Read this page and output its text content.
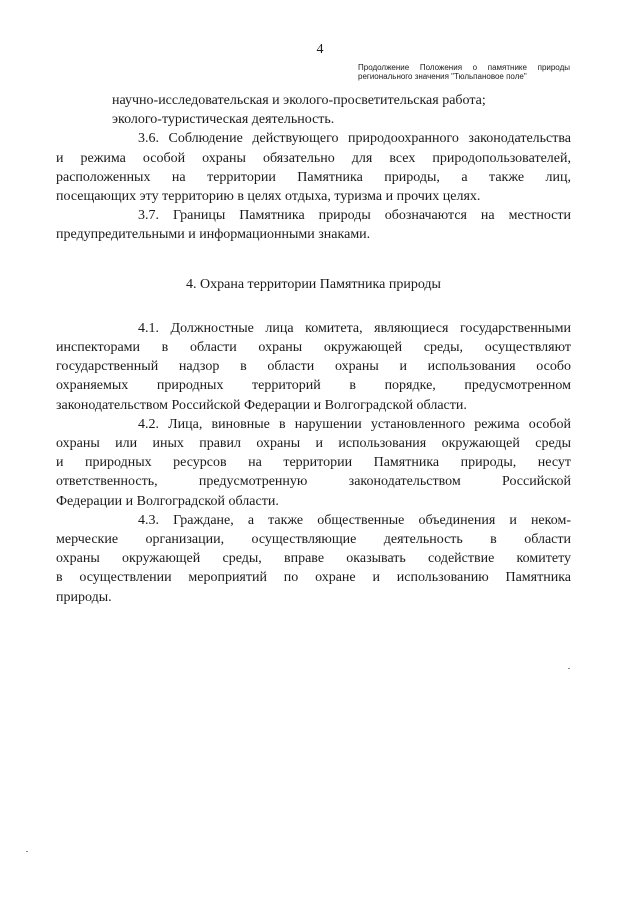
4
Продолжение Положения о памятнике природы
регионального значения "Тюльпановое поле"
научно-исследовательская и эколого-просветительская работа;
эколого-туристическая деятельность.
3.6. Соблюдение действующего природоохранного законодательства
и режима особой охраны обязательно для всех природопользователей,
расположенных на территории Памятника природы, а также лиц,
посещающих эту территорию в целях отдыха, туризма и прочих целях.
3.7. Границы Памятника природы обозначаются на местности
предупредительными и информационными знаками.
4. Охрана территории Памятника природы
4.1. Должностные лица комитета, являющиеся государственными
инспекторами в области охраны окружающей среды, осуществляют
государственный надзор в области охраны и использования особо
охраняемых природных территорий в порядке, предусмотренном
законодательством Российской Федерации и Волгоградской области.
4.2. Лица, виновные в нарушении установленного режима особой
охраны или иных правил охраны и использования окружающей среды
и природных ресурсов на территории Памятника природы, несут
ответственность, предусмотренную законодательством Российской
Федерации и Волгоградской области.
4.3. Граждане, а также общественные объединения и неком-
мерческие организации, осуществляющие деятельность в области
охраны окружающей среды, вправе оказывать содействие комитету
в осуществлении мероприятий по охране и использованию Памятника
природы.
